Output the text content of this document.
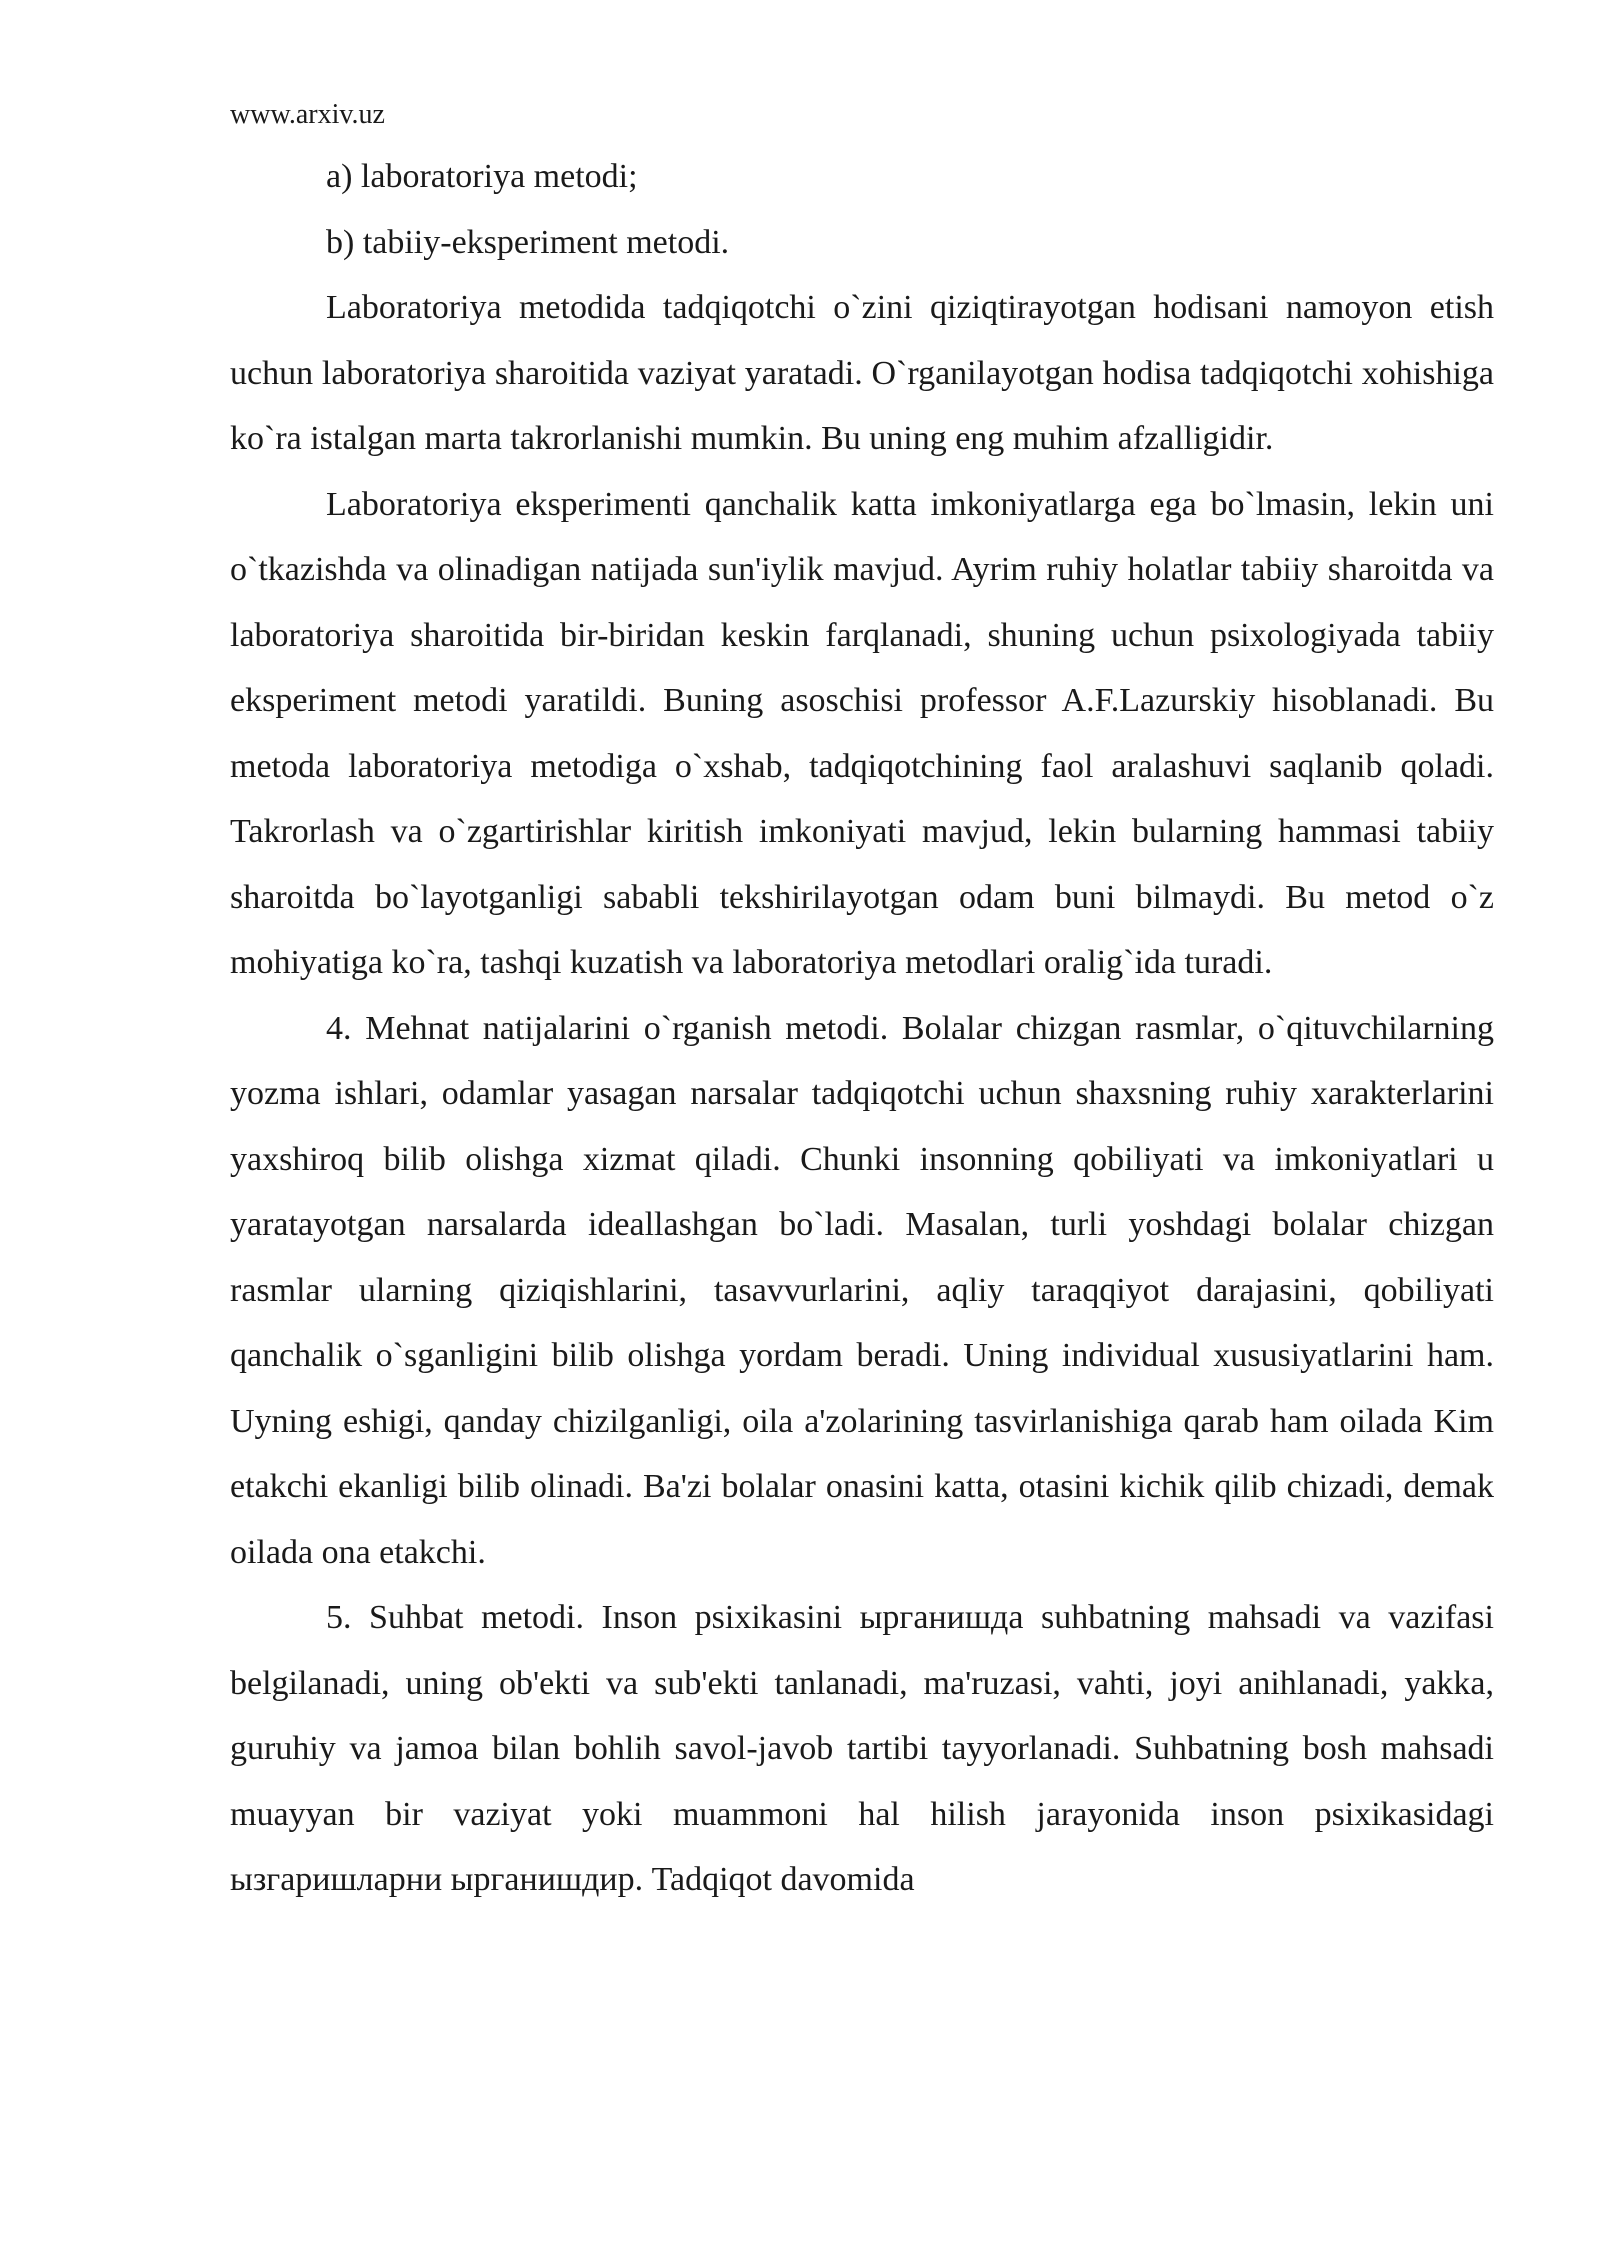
www.arxiv.uz

a) laboratoriya metodi;

b) tabiiy-eksperiment metodi.

Laboratoriya metodida tadqiqotchi o`zini qiziqtirayotgan hodisani namoyon etish uchun laboratoriya sharoitida vaziyat yaratadi. O`rganilayotgan hodisa tadqiqotchi xohishiga ko`ra istalgan marta takrorlanishi mumkin. Bu uning eng muhim afzalligidir.

Laboratoriya eksperimenti qanchalik katta imkoniyatlarga ega bo`lmasin, lekin uni o`tkazishda va olinadigan natijada sun'iylik mavjud. Ayrim ruhiy holatlar tabiiy sharoitda va laboratoriya sharoitida bir-biridan keskin farqlanadi, shuning uchun psixologiyada tabiiy eksperiment metodi yaratildi. Buning asoschisi professor A.F.Lazurskiy hisoblanadi. Bu metoda laboratoriya metodiga o`xshab, tadqiqotchining faol aralashuvi saqlanib qoladi. Takrorlash va o`zgartirishlar kiritish imkoniyati mavjud, lekin bularning hammasi tabiiy sharoitda bo`layotganligi sababli tekshirilayotgan odam buni bilmaydi. Bu metod o`z mohiyatiga ko`ra, tashqi kuzatish va laboratoriya metodlari oralig`ida turadi.

4. Mehnat natijalarini o`rganish metodi. Bolalar chizgan rasmlar, o`qituvchilarning yozma ishlari, odamlar yasagan narsalar tadqiqotchi uchun shaxsning ruhiy xarakterlarini yaxshiroq bilib olishga xizmat qiladi. Chunki insonning qobiliyati va imkoniyatlari u yaratayotgan narsalarda ideallashgan bo`ladi. Masalan, turli yoshdagi bolalar chizgan rasmlar ularning qiziqishlarini, tasavvurlarini, aqliy taraqqiyot darajasini, qobiliyati qanchalik o`sganligini bilib olishga yordam beradi. Uning individual xususiyatlarini ham. Uyning eshigi, qanday chizilganligi, oila a'zolarining tasvirlanishiga qarab ham oilada Kim etakchi ekanligi bilib olinadi. Ba'zi bolalar onasini katta, otasini kichik qilib chizadi, demak oilada ona etakchi.

5. Suhbat metodi. Inson psixikasini ырганишда suhbatning mahsadi va vazifasi belgilanadi, uning ob'ekti va sub'ekti tanlanadi, ma'ruzasi, vahti, joyi anihlanadi, yakka, guruhiy va jamoa bilan bohlih savol-javob tartibi tayyorlanadi. Suhbatning bosh mahsadi muayyan bir vaziyat yoki muammoni hal hilish jarayonida inson psixikasidagi ызгаришларни ырганишдир. Tadqiqot davomida
